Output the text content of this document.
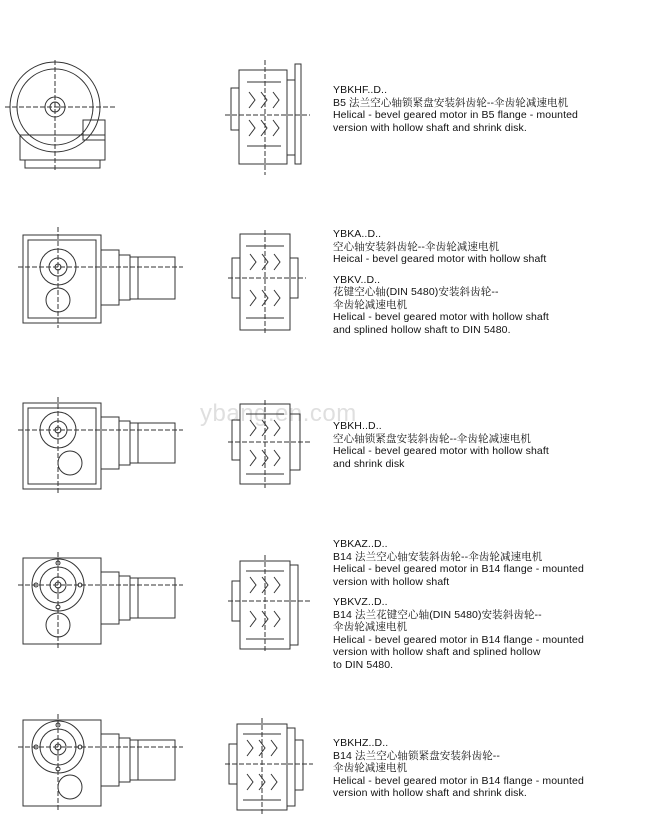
ybang.en.com
YBKHF..D..
B5 法兰空心轴锁紧盘安装斜齿轮--伞齿轮减速电机
Helical - bevel geared motor in B5 flange - mounted
version with hollow shaft and shrink disk.
YBKA..D..
空心轴安装斜齿轮--伞齿轮减速电机
Heical - bevel geared motor with hollow shaft
YBKV..D..
花键空心轴(DIN 5480)安装斜齿轮--
伞齿轮减速电机
Helical - bevel geared motor with hollow shaft
and splined hollow shaft to DIN 5480.
YBKH..D..
空心轴锁紧盘安装斜齿轮--伞齿轮减速电机
Helical - bevel geared motor with hollow shaft
and shrink disk
YBKAZ..D..
B14 法兰空心轴安装斜齿轮--伞齿轮减速电机
Helical - bevel geared motor in B14 flange - mounted
version with hollow shaft
YBKVZ..D..
B14 法兰花键空心轴(DIN 5480)安装斜齿轮--
伞齿轮减速电机
Helical - bevel geared motor in B14 flange - mounted
version with hollow shaft and splined hollow
to DIN 5480.
YBKHZ..D..
B14 法兰空心轴锁紧盘安装斜齿轮--
伞齿轮减速电机
Helical - bevel geared motor in B14 flange - mounted
version with hollow shaft and shrink disk.
